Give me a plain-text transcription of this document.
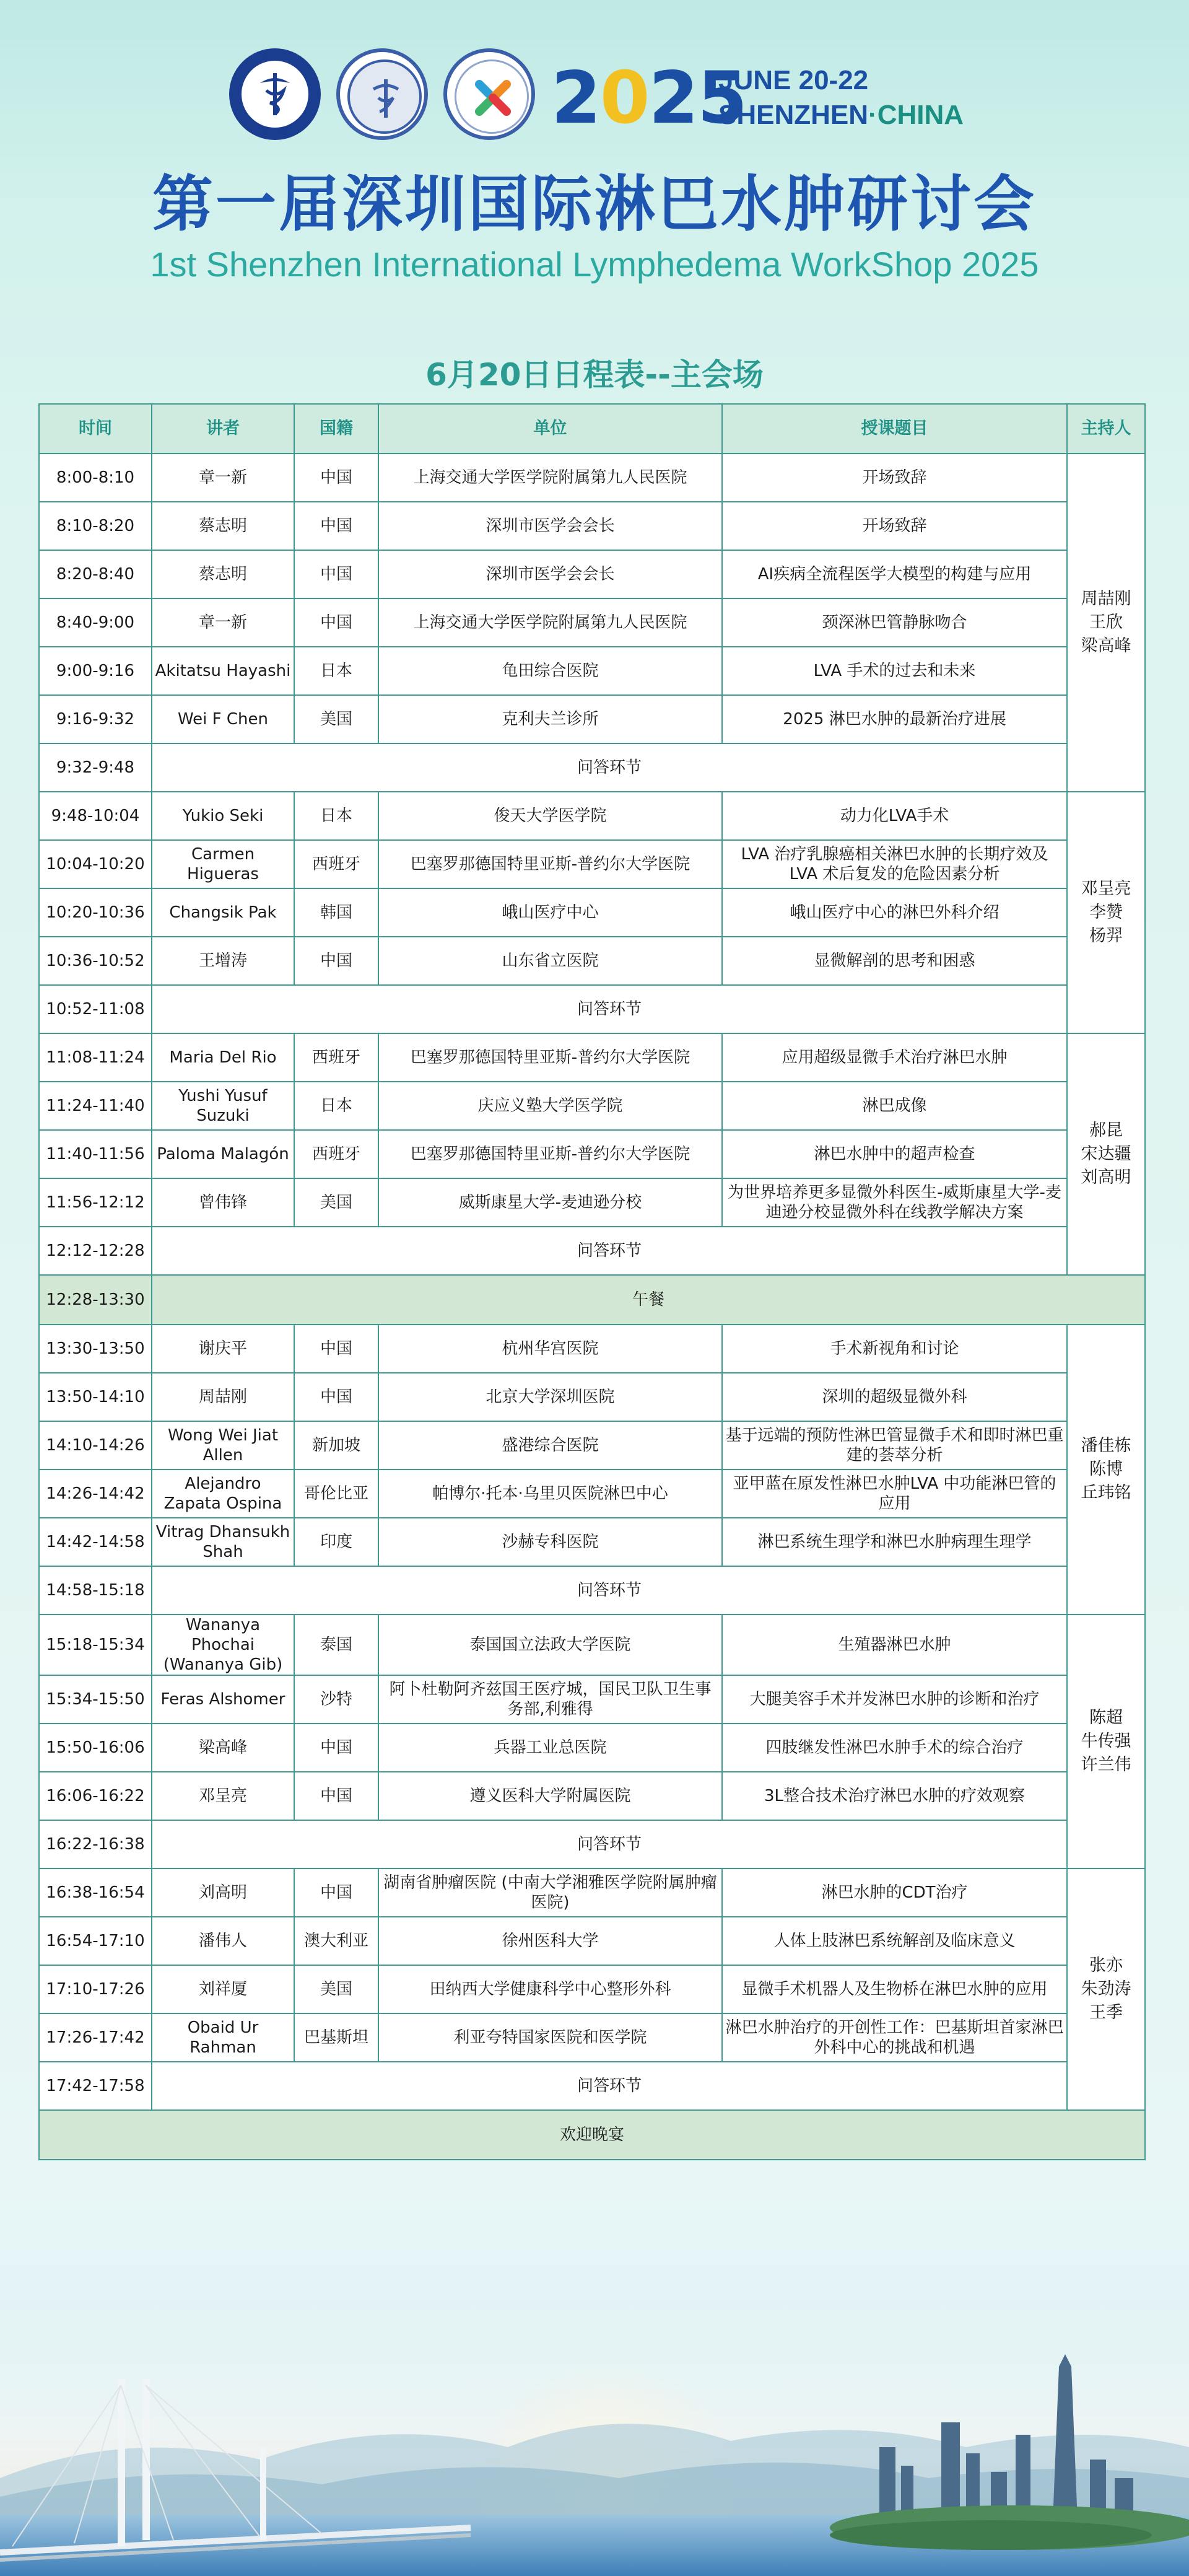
2 0 25
JUNE 20-22
SHENZHEN·CHINA
第一届深圳国际淋巴水肿研讨会
1st Shenzhen International Lymphedema WorkShop 2025
6月20日日程表--主会场
时间	讲者	国籍	单位	授课题目	主持人
8:00-8:10	章一新	中国	上海交通大学医学院附属第九人民医院	开场致辞	周喆刚
王欣
梁高峰
8:10-8:20	蔡志明	中国	深圳市医学会会长	开场致辞	
8:20-8:40	蔡志明	中国	深圳市医学会会长	AI疾病全流程医学大模型的构建与应用	
8:40-9:00	章一新	中国	上海交通大学医学院附属第九人民医院	颈深淋巴管静脉吻合	
9:00-9:16	Akitatsu Hayashi	日本	龟田综合医院	LVA 手术的过去和未来	
9:16-9:32	Wei F Chen	美国	克利夫兰诊所	2025 淋巴水肿的最新治疗进展	
9:32-9:48	问答环节				
9:48-10:04	Yukio Seki	日本	俊天大学医学院	动力化LVA手术	邓呈亮
李赞
杨羿
10:04-10:20	Carmen Higueras	西班牙	巴塞罗那德国特里亚斯-普约尔大学医院	LVA 治疗乳腺癌相关淋巴水肿的长期疗效及 LVA 术后复发的危险因素分析	
10:20-10:36	Changsik Pak	韩国	峨山医疗中心	峨山医疗中心的淋巴外科介绍	
10:36-10:52	王增涛	中国	山东省立医院	显微解剖的思考和困惑	
10:52-11:08	问答环节				
11:08-11:24	Maria Del Rio	西班牙	巴塞罗那德国特里亚斯-普约尔大学医院	应用超级显微手术治疗淋巴水肿	郝昆
宋达疆
刘高明
11:24-11:40	Yushi Yusuf Suzuki	日本	庆应义塾大学医学院	淋巴成像	
11:40-11:56	Paloma Malagón	西班牙	巴塞罗那德国特里亚斯-普约尔大学医院	淋巴水肿中的超声检查	
11:56-12:12	曾伟锋	美国	威斯康星大学-麦迪逊分校	为世界培养更多显微外科医生-威斯康星大学-麦迪逊分校显微外科在线教学解决方案	
12:12-12:28	问答环节				
12:28-13:30	午餐				
13:30-13:50	谢庆平	中国	杭州华宫医院	手术新视角和讨论	潘佳栋
陈博
丘玮铭
13:50-14:10	周喆刚	中国	北京大学深圳医院	深圳的超级显微外科	
14:10-14:26	Wong Wei Jiat Allen	新加坡	盛港综合医院	基于远端的预防性淋巴管显微手术和即时淋巴重建的荟萃分析	
14:26-14:42	Alejandro Zapata Ospina	哥伦比亚	帕博尔·托本·乌里贝医院淋巴中心	亚甲蓝在原发性淋巴水肿LVA 中功能淋巴管的应用	
14:42-14:58	Vitrag Dhansukh Shah	印度	沙赫专科医院	淋巴系统生理学和淋巴水肿病理生理学	
14:58-15:18	问答环节				
15:18-15:34	Wananya Phochai (Wananya Gib)	泰国	泰国国立法政大学医院	生殖器淋巴水肿	陈超
牛传强
许兰伟
15:34-15:50	Feras Alshomer	沙特	阿卜杜勒阿齐兹国王医疗城，国民卫队卫生事务部,利雅得	大腿美容手术并发淋巴水肿的诊断和治疗	
15:50-16:06	梁高峰	中国	兵器工业总医院	四肢继发性淋巴水肿手术的综合治疗	
16:06-16:22	邓呈亮	中国	遵义医科大学附属医院	3L整合技术治疗淋巴水肿的疗效观察	
16:22-16:38	问答环节				
16:38-16:54	刘高明	中国	湖南省肿瘤医院 (中南大学湘雅医学院附属肿瘤医院)	淋巴水肿的CDT治疗	张亦
朱劲涛
王季
16:54-17:10	潘伟人	澳大利亚	徐州医科大学	人体上肢淋巴系统解剖及临床意义	
17:10-17:26	刘祥厦	美国	田纳西大学健康科学中心整形外科	显微手术机器人及生物桥在淋巴水肿的应用	
17:26-17:42	Obaid Ur Rahman	巴基斯坦	利亚夸特国家医院和医学院	淋巴水肿治疗的开创性工作：巴基斯坦首家淋巴外科中心的挑战和机遇	
17:42-17:58	问答环节				
欢迎晚宴					
